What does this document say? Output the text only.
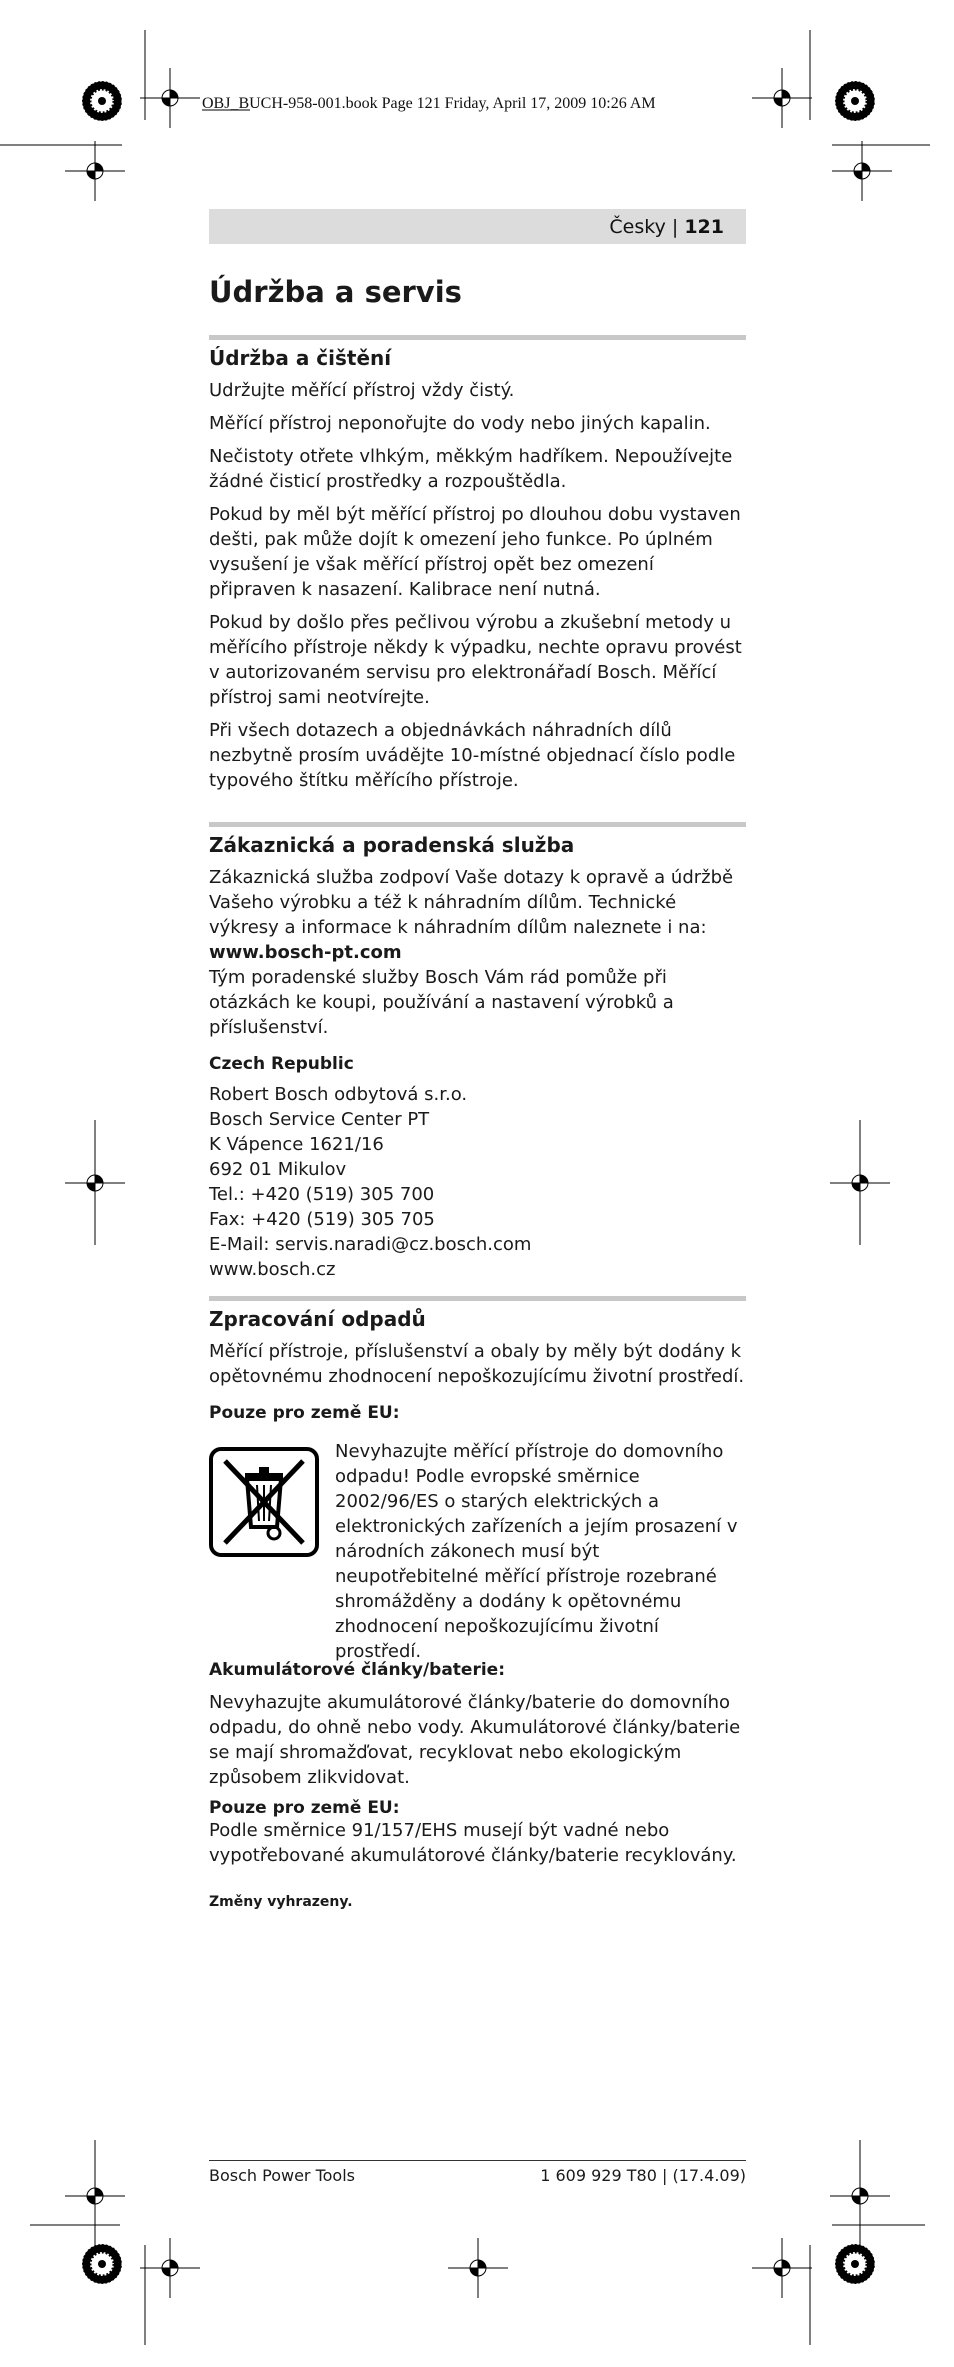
OBJ_BUCH-958-001.book Page 121 Friday, April 17, 2009 10:26 AM
Česky | 121
Údržba a servis
Údržba a čištění

Udržujte měřící přístroj vždy čistý.

Měřící přístroj neponořujte do vody nebo jiných kapalin.

Nečistoty otřete vlhkým, měkkým hadříkem. Nepoužívejte žádné čisticí prostředky a rozpouštědla.

Pokud by měl být měřící přístroj po dlouhou dobu vystaven dešti, pak může dojít k omezení jeho funkce. Po úplném vysušení je však měřící přístroj opět bez omezení připraven k nasazení. Kalibrace není nutná.

Pokud by došlo přes pečlivou výrobu a zkušební metody u měřícího přístroje někdy k výpadku, nechte opravu provést v autorizovaném servisu pro elektronářadí Bosch. Měřící přístroj sami neotvírejte.

Při všech dotazech a objednávkách náhradních dílů nezbytně prosím uvádějte 10-místné objednací číslo podle typového štítku měřícího přístroje.

Zákaznická a poradenská služba

Zákaznická služba zodpoví Vaše dotazy k opravě a údržbě Vašeho výrobku a též k náhradním dílům. Technické výkresy a informace k náhradním dílům naleznete i na:

www.bosch-pt.com

Tým poradenské služby Bosch Vám rád pomůže při otázkách ke koupi, používání a nastavení výrobků a příslušenství.

Czech Republic

Robert Bosch odbytová s.r.o.

Bosch Service Center PT

K Vápence 1621/16

692 01 Mikulov

Tel.: +420 (519) 305 700

Fax: +420 (519) 305 705

E-Mail: servis.naradi@cz.bosch.com

www.bosch.cz

Zpracování odpadů

Měřící přístroje, příslušenství a obaly by měly být dodány k opětovnému zhodnocení nepoškozujícímu životní prostředí.

Pouze pro země EU:

Nevyhazujte měřící přístroje do domovního odpadu! Podle evropské směrnice 2002/96/ES o starých elektrických a elektronických zařízeních a jejím prosazení v národních zákonech musí být neupotřebitelné měřící přístroje rozebrané shromážděny a dodány k opětovnému zhodnocení nepoškozujícímu životní prostředí.

Akumulátorové články/baterie:

Nevyhazujte akumulátorové články/baterie do domovního odpadu, do ohně nebo vody. Akumulátorové články/baterie se mají shromažďovat, recyklovat nebo ekologickým způsobem zlikvidovat.

Pouze pro země EU:

Podle směrnice 91/157/EHS musejí být vadné nebo vypotřebované akumulátorové články/baterie recyklovány.

Změny vyhrazeny.

Bosch Power Tools	1 609 929 T80 | (17.4.09)
